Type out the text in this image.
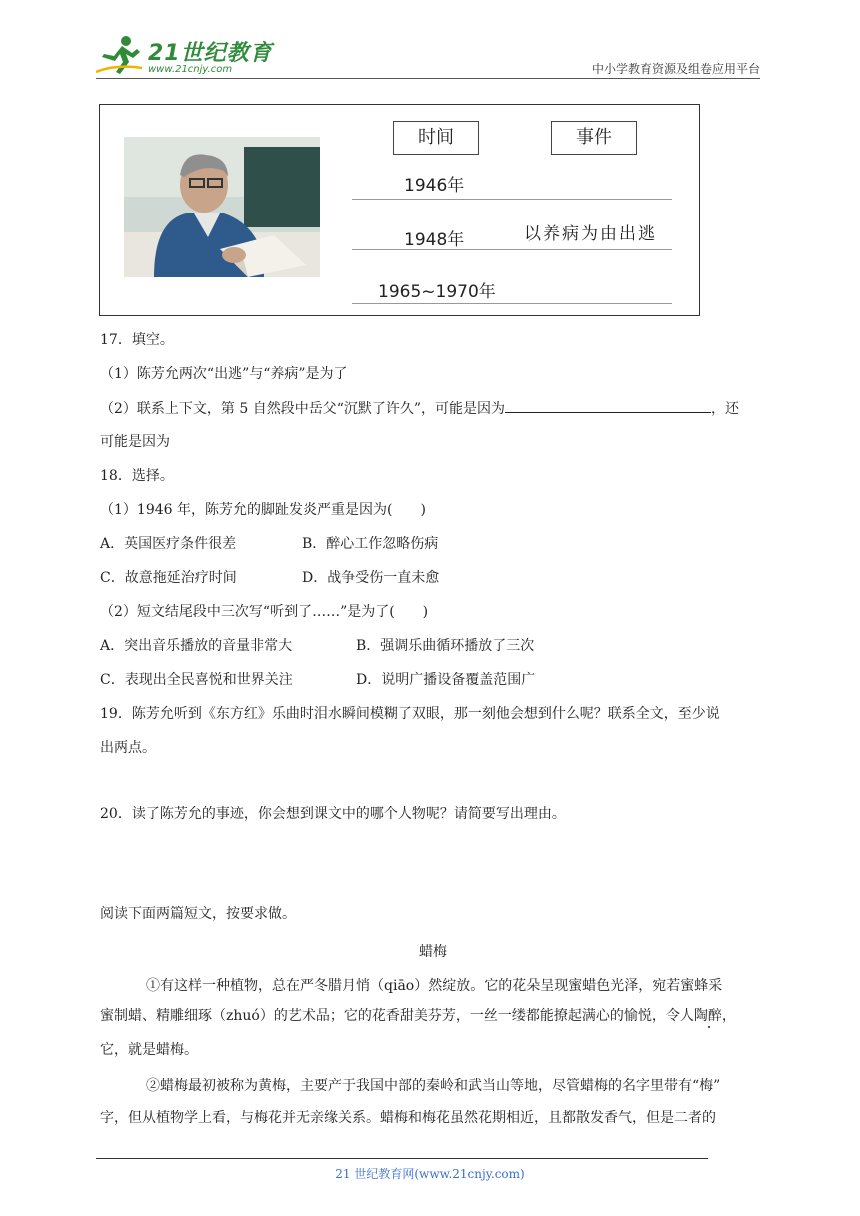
21世纪教育
www.21cnjy.com	中小学教育资源及组卷应用平台
时间	事件
1946年
1948年	以养病为由出逃
1965~1970年
17．填空。
（1）陈芳允两次“出逃”与“养病”是为了
（2）联系上下文，第 5 自然段中岳父“沉默了许久”，可能是因为	，还
可能是因为
18．选择。
（1）1946 年，陈芳允的脚趾发炎严重是因为(　　)
A．英国医疗条件很差	B．醉心工作忽略伤病
C．故意拖延治疗时间	D．战争受伤一直未愈
（2）短文结尾段中三次写“听到了……”是为了(　　)
A．突出音乐播放的音量非常大	B．强调乐曲循环播放了三次
C．表现出全民喜悦和世界关注	D．说明广播设备覆盖范围广
19．陈芳允听到《东方红》乐曲时泪水瞬间模糊了双眼，那一刻他会想到什么呢？联系全文，至少说
出两点。
20．读了陈芳允的事迹，你会想到课文中的哪个人物呢？请简要写出理由。
阅读下面两篇短文，按要求做。
蜡梅
①有这样一种植物，总在严冬腊月悄（qiāo）然绽放。它的花朵呈现蜜蜡色光泽，宛若蜜蜂采
蜜制蜡、精雕细琢（zhuó）的艺术品；它的花香甜美芬芳，一丝一缕都能撩起满心的愉悦，令人陶醉，
它，就是蜡梅。
②蜡梅最初被称为黄梅，主要产于我国中部的秦岭和武当山等地，尽管蜡梅的名字里带有“梅”
字，但从植物学上看，与梅花并无亲缘关系。蜡梅和梅花虽然花期相近，且都散发香气，但是二者的
21 世纪教育网(www.21cnjy.com)
